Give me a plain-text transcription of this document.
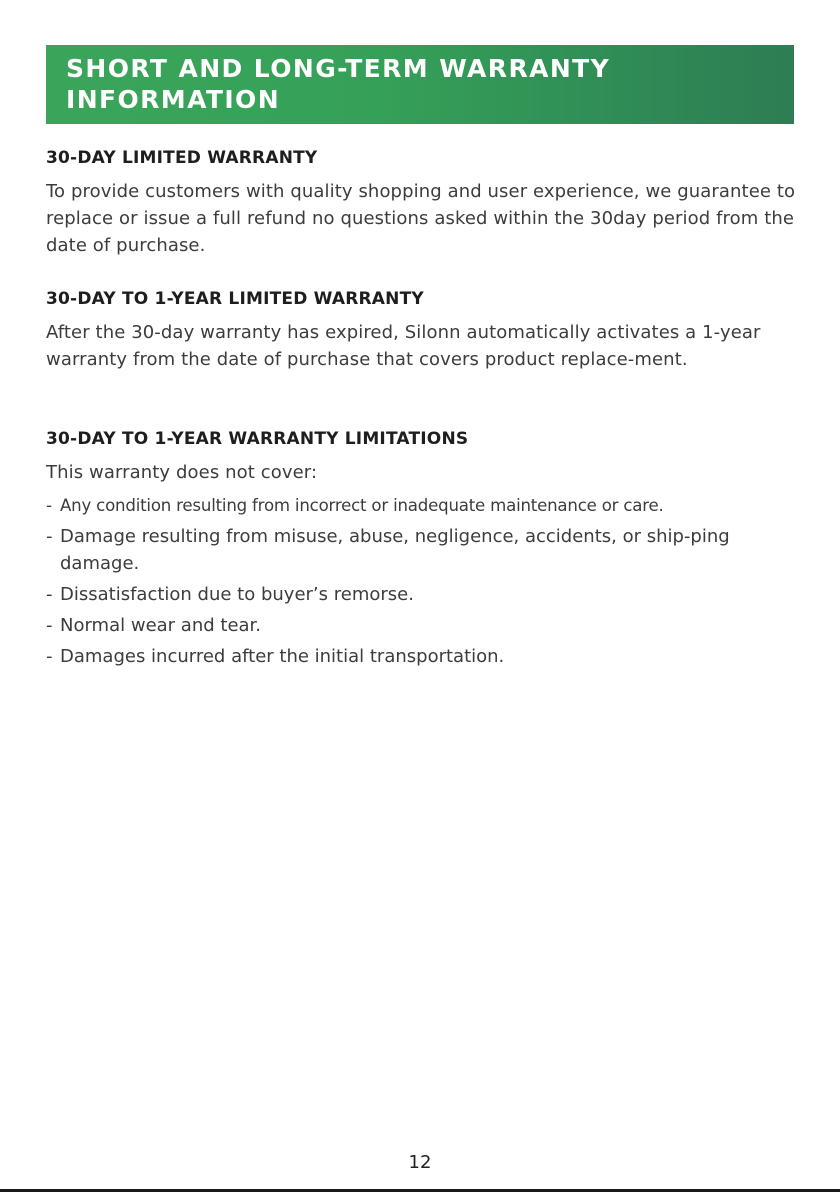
SHORT AND LONG-TERM WARRANTY INFORMATION
30-DAY LIMITED WARRANTY

To provide customers with quality shopping and user experience, we guarantee to replace or issue a full refund no questions asked within the 30day period from the date of purchase.

30-DAY TO 1-YEAR LIMITED WARRANTY

After the 30-day warranty has expired, Silonn automatically activates a 1-year warranty from the date of purchase that covers product replace-ment.

30-DAY TO 1-YEAR WARRANTY LIMITATIONS

This warranty does not cover:

- Any condition resulting from incorrect or inadequate maintenance or care.
- Damage resulting from misuse, abuse, negligence, accidents, or ship-ping damage.
- Dissatisfaction due to buyer’s remorse.
- Normal wear and tear.
- Damages incurred after the initial transportation.
12
